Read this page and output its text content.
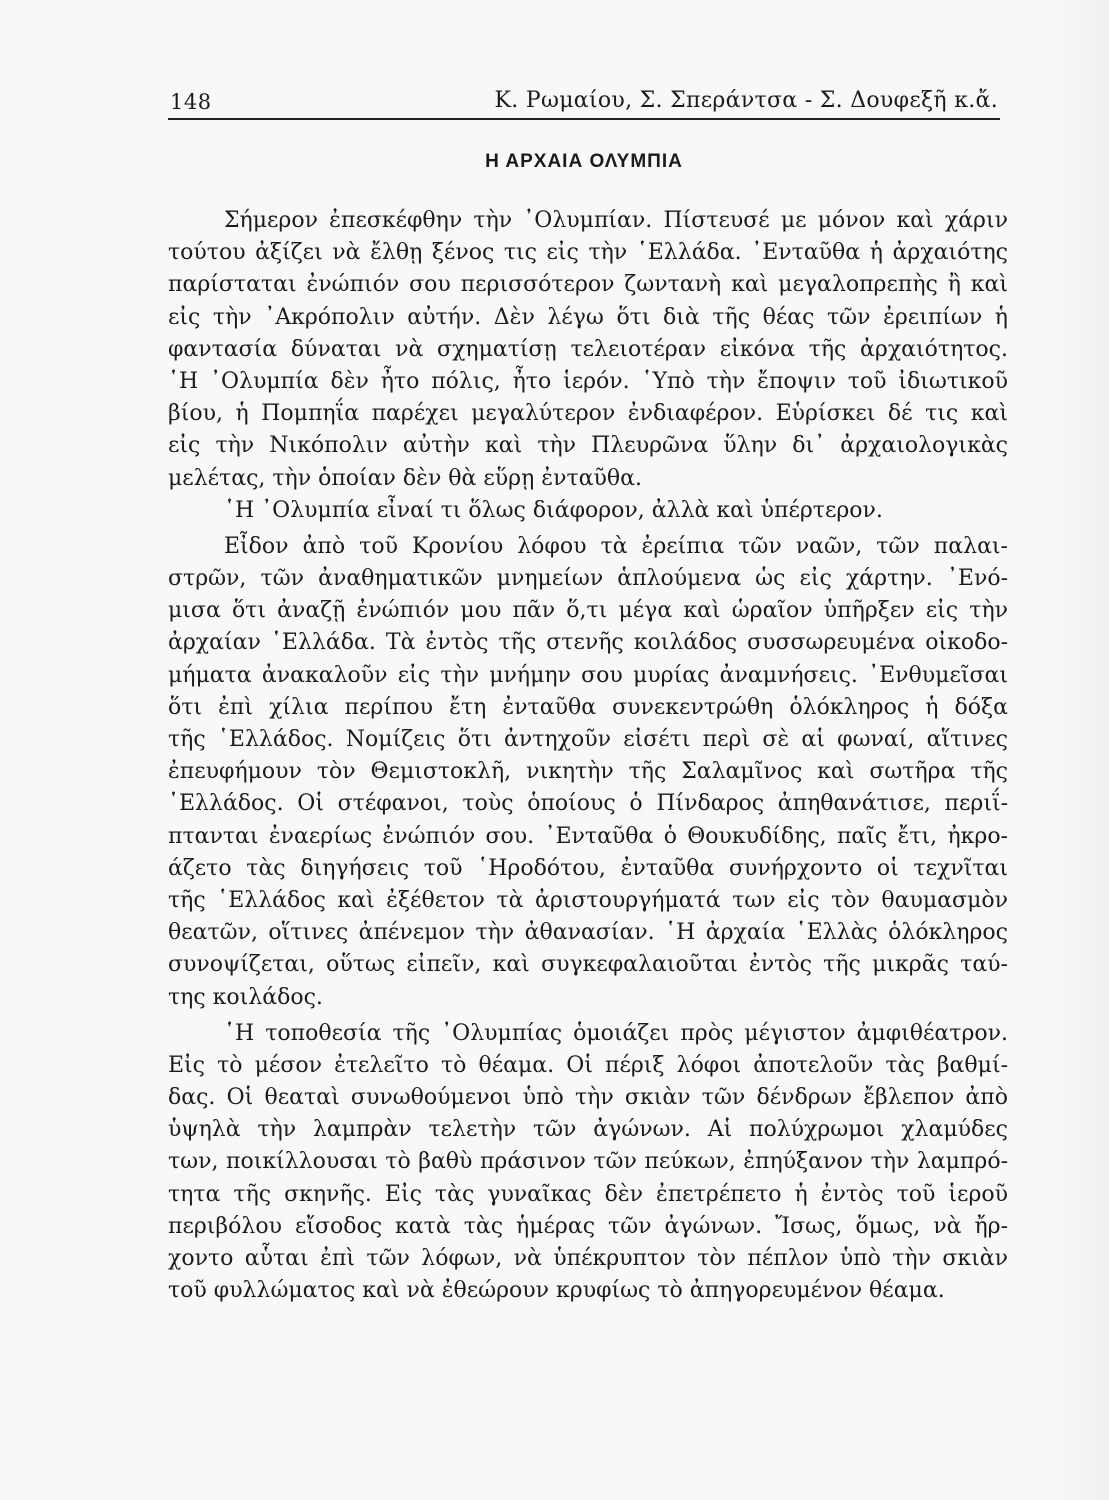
148	Κ. Ρωμαίου, Σ. Σπεράντσα - Σ. Δουφεξῆ κ.ἄ.
Η ΑΡΧΑΙΑ ΟΛΥΜΠΙΑ
Σήμερον ἐπεσκέφθην τὴν ᾿Ολυμπίαν. Πίστευσέ με μόνον καὶ χάριν
τούτου ἀξίζει νὰ ἔλθῃ ξένος τις εἰς τὴν ῾Ελλάδα. ᾿Ενταῦθα ἡ ἀρχαιότης
παρίσταται ἐνώπιόν σου περισσότερον ζωντανὴ καὶ μεγαλοπρεπὴς ἢ καὶ
εἰς τὴν ᾿Ακρόπολιν αὐτήν. Δὲν λέγω ὅτι διὰ τῆς θέας τῶν ἐρειπίων ἡ
φαντασία δύναται νὰ σχηματίσῃ τελειοτέραν εἰκόνα τῆς ἀρχαιότητος.
῾Η ᾿Ολυμπία δὲν ἦτο πόλις, ἦτο ἱερόν. ῾Υπὸ τὴν ἔποψιν τοῦ ἰδιωτικοῦ
βίου, ἡ Πομπηΐα παρέχει μεγαλύτερον ἐνδιαφέρον. Εὑρίσκει δέ τις καὶ
εἰς τὴν Νικόπολιν αὐτὴν καὶ τὴν Πλευρῶνα ὕλην δι᾿ ἀρχαιολογικὰς
μελέτας, τὴν ὁποίαν δὲν θὰ εὕρῃ ἐνταῦθα.
῾Η ᾿Ολυμπία εἶναί τι ὅλως διάφορον, ἀλλὰ καὶ ὑπέρτερον.
Εἶδον ἀπὸ τοῦ Κρονίου λόφου τὰ ἐρείπια τῶν ναῶν, τῶν παλαι-
στρῶν, τῶν ἀναθηματικῶν μνημείων ἁπλούμενα ὡς εἰς χάρτην. ᾿Ενό-
μισα ὅτι ἀναζῇ ἐνώπιόν μου πᾶν ὅ,τι μέγα καὶ ὡραῖον ὑπῆρξεν εἰς τὴν
ἀρχαίαν ῾Ελλάδα. Τὰ ἐντὸς τῆς στενῆς κοιλάδος συσσωρευμένα οἰκοδο-
μήματα ἀνακαλοῦν εἰς τὴν μνήμην σου μυρίας ἀναμνήσεις. ᾿Ενθυμεῖσαι
ὅτι ἐπὶ χίλια περίπου ἔτη ἐνταῦθα συνεκεντρώθη ὁλόκληρος ἡ δόξα
τῆς ῾Ελλάδος. Νομίζεις ὅτι ἀντηχοῦν εἰσέτι περὶ σὲ αἱ φωναί, αἵτινες
ἐπευφήμουν τὸν Θεμιστοκλῆ, νικητὴν τῆς Σαλαμῖνος καὶ σωτῆρα τῆς
῾Ελλάδος. Οἱ στέφανοι, τοὺς ὁποίους ὁ Πίνδαρος ἀπηθανάτισε, περιΐ-
πτανται ἐναερίως ἐνώπιόν σου. ᾿Ενταῦθα ὁ Θουκυδίδης, παῖς ἔτι, ἠκρο-
άζετο τὰς διηγήσεις τοῦ ῾Ηροδότου, ἐνταῦθα συνήρχοντο οἱ τεχνῖται
τῆς ῾Ελλάδος καὶ ἐξέθετον τὰ ἀριστουργήματά των εἰς τὸν θαυμασμὸν
θεατῶν, οἵτινες ἀπένεμον τὴν ἀθανασίαν. ῾Η ἀρχαία ῾Ελλὰς ὁλόκληρος
συνοψίζεται, οὕτως εἰπεῖν, καὶ συγκεφαλαιοῦται ἐντὸς τῆς μικρᾶς ταύ-
της κοιλάδος.
῾Η τοποθεσία τῆς ᾿Ολυμπίας ὁμοιάζει πρὸς μέγιστον ἀμφιθέατρον.
Εἰς τὸ μέσον ἐτελεῖτο τὸ θέαμα. Οἱ πέριξ λόφοι ἀποτελοῦν τὰς βαθμί-
δας. Οἱ θεαταὶ συνωθούμενοι ὑπὸ τὴν σκιὰν τῶν δένδρων ἔβλεπον ἀπὸ
ὑψηλὰ τὴν λαμπρὰν τελετὴν τῶν ἀγώνων. Αἱ πολύχρωμοι χλαμύδες
των, ποικίλλουσαι τὸ βαθὺ πράσινον τῶν πεύκων, ἐπηύξανον τὴν λαμπρό-
τητα τῆς σκηνῆς. Εἰς τὰς γυναῖκας δὲν ἐπετρέπετο ἡ ἐντὸς τοῦ ἱεροῦ
περιβόλου εἴσοδος κατὰ τὰς ἡμέρας τῶν ἀγώνων. Ἴσως, ὅμως, νὰ ἤρ-
χοντο αὗται ἐπὶ τῶν λόφων, νὰ ὑπέκρυπτον τὸν πέπλον ὑπὸ τὴν σκιὰν
τοῦ φυλλώματος καὶ νὰ ἐθεώρουν κρυφίως τὸ ἀπηγορευμένον θέαμα.
